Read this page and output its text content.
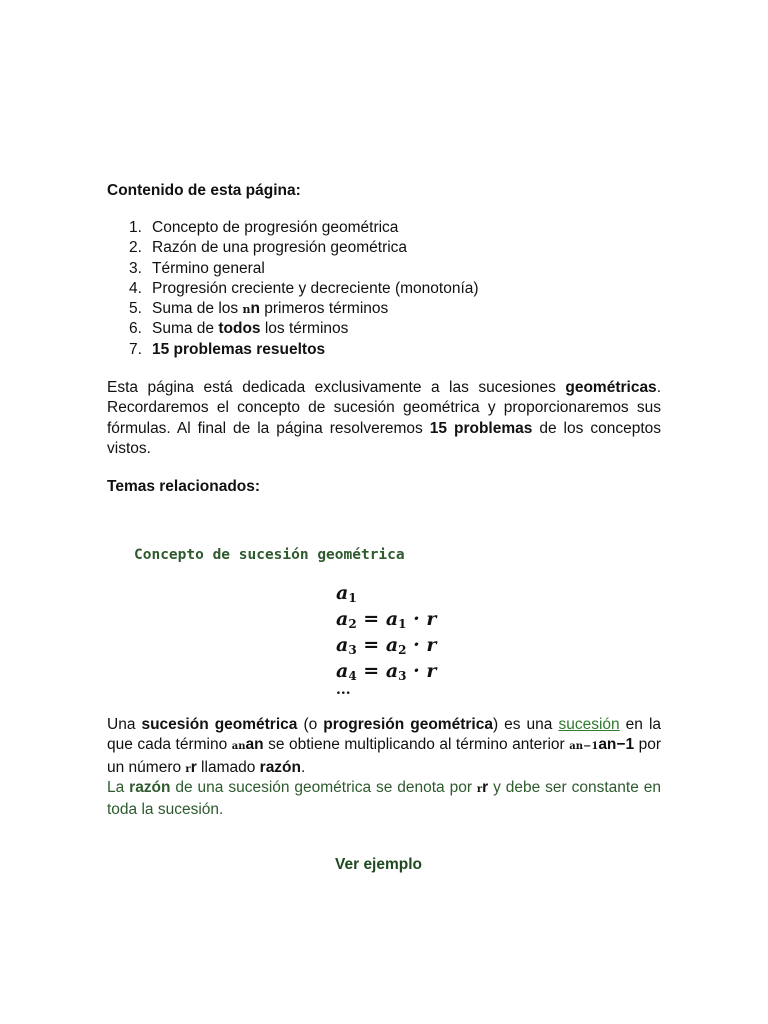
Contenido de esta página:
1. Concepto de progresión geométrica
2. Razón de una progresión geométrica
3. Término general
4. Progresión creciente y decreciente (monotonía)
5. Suma de los nn primeros términos
6. Suma de todos los términos
7. 15 problemas resueltos

Esta página está dedicada exclusivamente a las sucesiones geométricas. Recordaremos el concepto de sucesión geométrica y proporcionaremos sus fórmulas. Al final de la página resolveremos 15 problemas de los conceptos vistos.

Temas relacionados:
Concepto de sucesión geométrica
$a_1$
$a_2 = a_1 \cdot r$
$a_3 = a_2 \cdot r$
$a_4 = a_3 \cdot r$
...

Una sucesión geométrica (o progresión geométrica) es una sucesión en la que cada término anan se obtiene multiplicando al término anterior an−1an−1 por un número rr llamado razón.

La razón de una sucesión geométrica se denota por rr y debe ser constante en toda la sucesión.

Ver ejemplo
